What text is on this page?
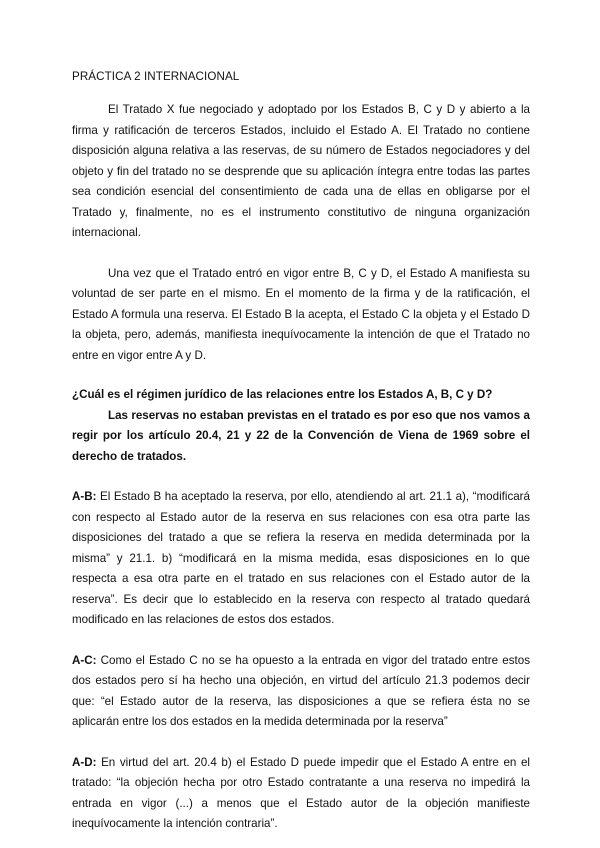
PRÁCTICA 2 INTERNACIONAL

El Tratado X fue negociado y adoptado por los Estados B, C y D y abierto a la firma y ratificación de terceros Estados, incluido el Estado A. El Tratado no contiene disposición alguna relativa a las reservas, de su número de Estados negociadores y del objeto y fin del tratado no se desprende que su aplicación íntegra entre todas las partes sea condición esencial del consentimiento de cada una de ellas en obligarse por el Tratado y, finalmente, no es el instrumento constitutivo de ninguna organización internacional.

Una vez que el Tratado entró en vigor entre B, C y D, el Estado A manifiesta su voluntad de ser parte en el mismo. En el momento de la firma y de la ratificación, el Estado A formula una reserva. El Estado B la acepta, el Estado C la objeta y el Estado D la objeta, pero, además, manifiesta inequívocamente la intención de que el Tratado no entre en vigor entre A y D.

¿Cuál es el régimen jurídico de las relaciones entre los Estados A, B, C y D?

Las reservas no estaban previstas en el tratado es por eso que nos vamos a regir por los artículo 20.4, 21 y 22 de la Convención de Viena de 1969 sobre el derecho de tratados.

A-B: El Estado B ha aceptado la reserva, por ello, atendiendo al art. 21.1 a), “modificará con respecto al Estado autor de la reserva en sus relaciones con esa otra parte las disposiciones del tratado a que se refiera la reserva en medida determinada por la misma” y 21.1. b) “modificará en la misma medida, esas disposiciones en lo que respecta a esa otra parte en el tratado en sus relaciones con el Estado autor de la reserva”. Es decir que lo establecido en la reserva con respecto al tratado quedará modificado en las relaciones de estos dos estados.

A-C: Como el Estado C no se ha opuesto a la entrada en vigor del tratado entre estos dos estados pero sí ha hecho una objeción, en virtud del artículo 21.3 podemos decir que: “el Estado autor de la reserva, las disposiciones a que se refiera ésta no se aplicarán entre los dos estados en la medida determinada por la reserva”

A-D: En virtud del art. 20.4 b) el Estado D puede impedir que el Estado A entre en el tratado: “la objeción hecha por otro Estado contratante a una reserva no impedirá la entrada en vigor (...) a menos que el Estado autor de la objeción manifieste inequívocamente la intención contraria”.
